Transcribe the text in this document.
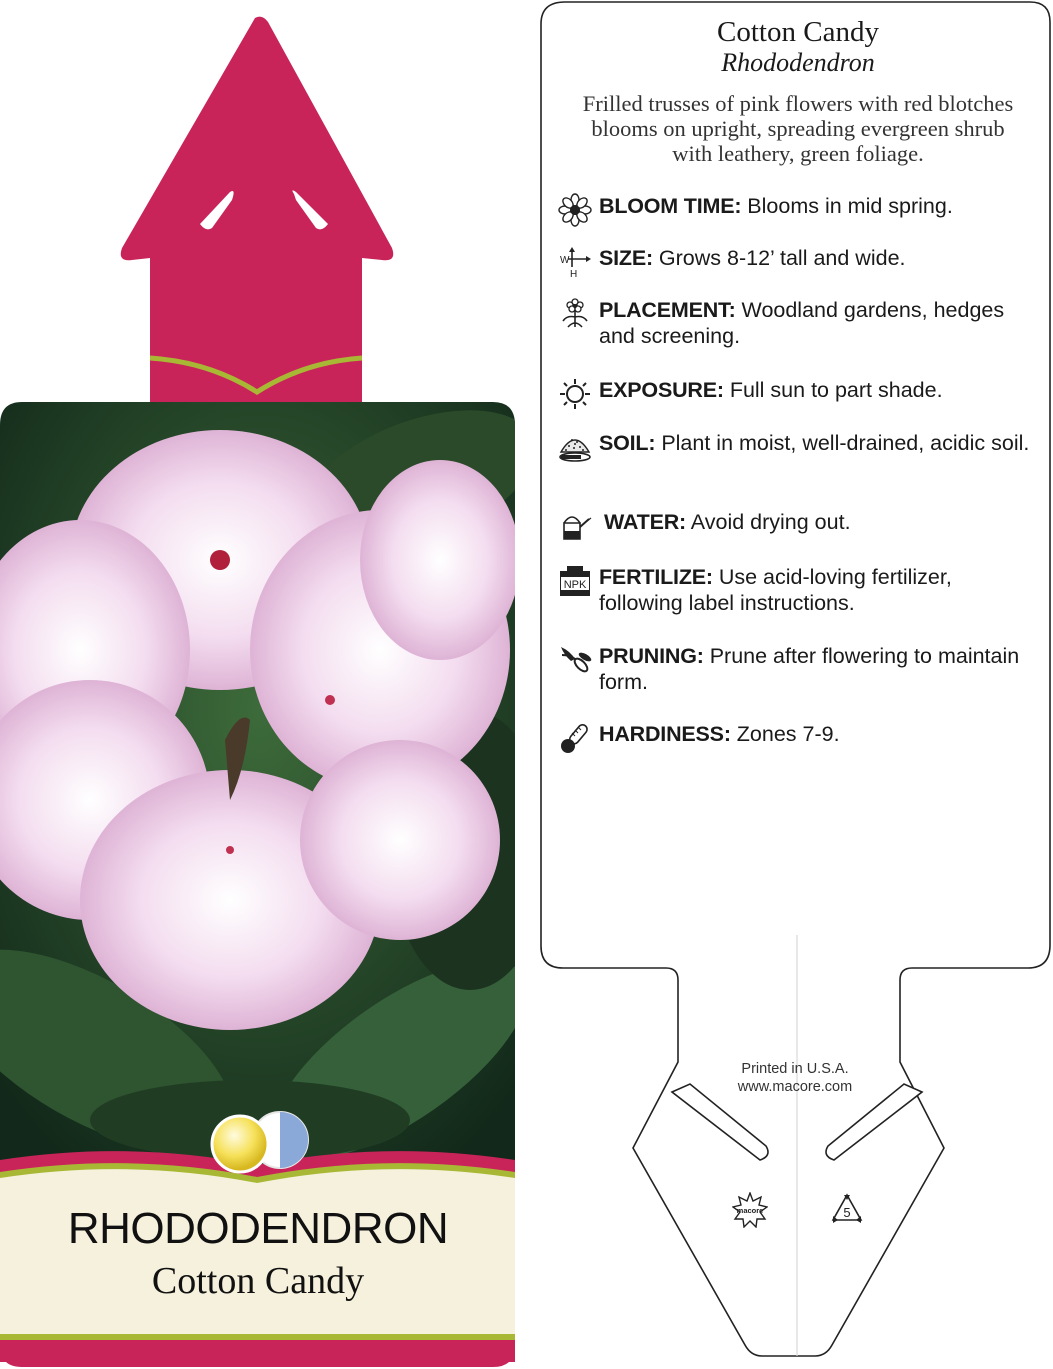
RHODODENDRON
Cotton Candy
Cotton Candy
Rhododendron
Frilled trusses of pink flowers with red blotches
blooms on upright, spreading evergreen shrub
with leathery, green foliage.
BLOOM TIME: Blooms in mid spring.
W
H
SIZE: Grows 8-12’ tall and wide.
PLACEMENT: Woodland gardens, hedges and screening.
EXPOSURE: Full sun to part shade.
SOIL: Plant in moist, well-drained, acidic soil.
WATER: Avoid drying out.
NPK FERTILIZE: Use acid-loving fertilizer, following label instructions.
PRUNING: Prune after flowering to maintain form.
HARDINESS: Zones 7-9.
Printed in U.S.A.
www.macore.com
macore	5
